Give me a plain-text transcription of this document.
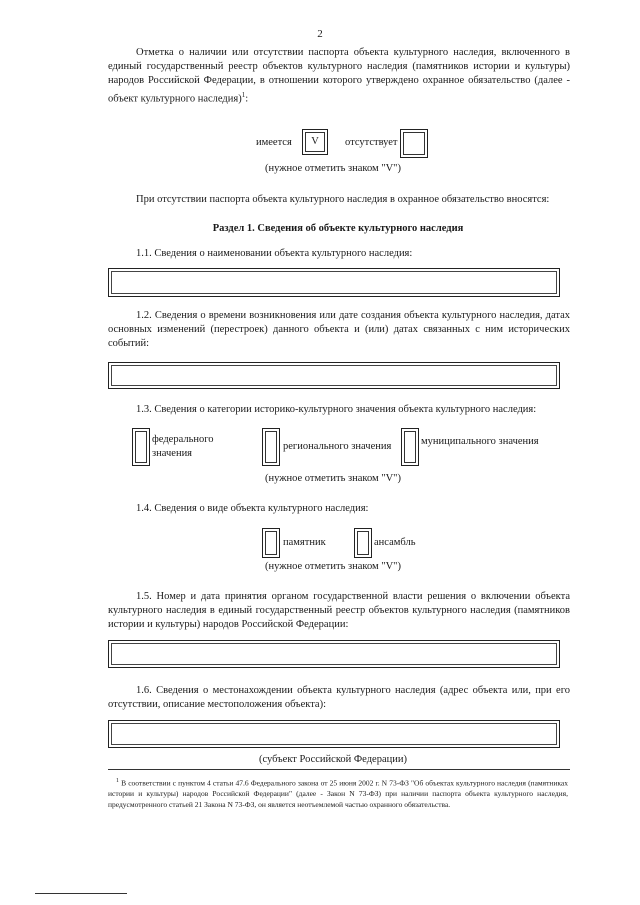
2
Отметка о наличии или отсутствии паспорта объекта культурного наследия, включенного в единый государственный реестр объектов культурного наследия (памятников истории и культуры) народов Российской Федерации, в отношении которого утверждено охранное обязательство (далее - объект культурного наследия)$^1$:
имеется	V	отсутствует
(нужное отметить знаком "V")
При отсутствии паспорта объекта культурного наследия в охранное обязательство вносятся:
Раздел 1. Сведения об объекте культурного наследия
1.1. Сведения о наименовании объекта культурного наследия:
1.2. Сведения о времени возникновения или дате создания объекта культурного наследия, датах основных изменений (перестроек) данного объекта и (или) датах связанных с ним исторических событий:
1.3. Сведения о категории историко-культурного значения объекта культурного наследия:
федерального значения
регионального значения	муниципального значения
(нужное отметить знаком "V")
1.4. Сведения о виде объекта культурного наследия:
памятник	ансамбль
(нужное отметить знаком "V")
1.5. Номер и дата принятия органом государственной власти решения о включении объекта культурного наследия в единый государственный реестр объектов культурного наследия (памятников истории и культуры) народов Российской Федерации:
1.6. Сведения о местонахождении объекта культурного наследия (адрес объекта или, при его отсутствии, описание местоположения объекта):
(субъект Российской Федерации)
$^1$ В соответствии с пунктом 4 статьи 47.6 Федерального закона от 25 июня 2002 г. N 73-ФЗ "Об объектах культурного наследия (памятниках истории и культуры) народов Российской Федерации" (далее - Закон N 73-ФЗ) при наличии паспорта объекта культурного наследия, предусмотренного статьей 21 Закона N 73-ФЗ, он является неотъемлемой частью охранного обязательства.
